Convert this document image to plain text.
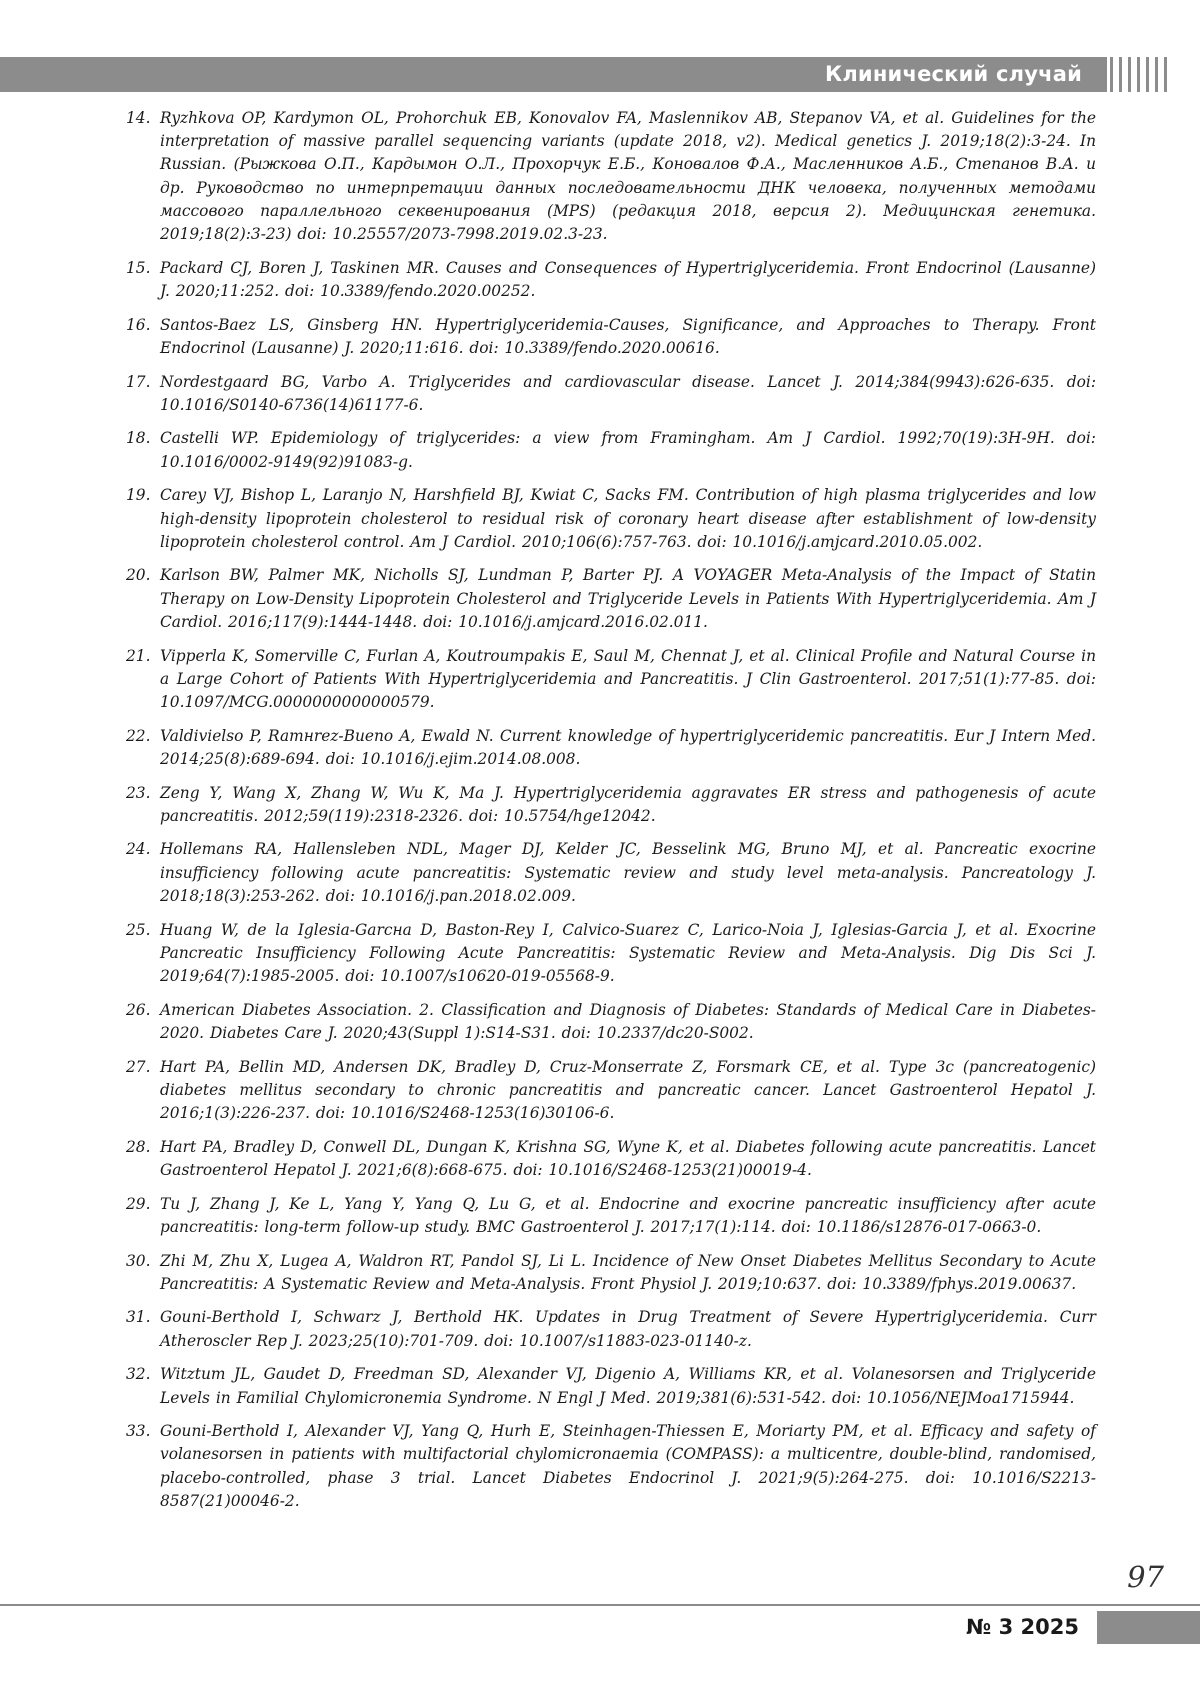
Клинический случай
14. Ryzhkova OP, Kardymon OL, Prohorchuk EB, Konovalov FA, Maslennikov AB, Stepanov VA, et al. Guidelines for the interpretation of massive parallel sequencing variants (update 2018, v2). Medical genetics J. 2019;18(2):3-24. In Russian. (Рыжкова О.П., Кардымон О.Л., Прохорчук Е.Б., Коновалов Ф.А., Масленников А.Б., Степанов В.А. и др. Руководство по интерпретации данных последовательности ДНК человека, полученных методами массового параллельного секвенирования (MPS) (редакция 2018, версия 2). Медицинская генетика. 2019;18(2):3-23) doi: 10.25557/2073-7998.2019.02.3-23.
15. Packard CJ, Boren J, Taskinen MR. Causes and Consequences of Hypertriglyceridemia. Front Endocrinol (Lausanne) J. 2020;11:252. doi: 10.3389/fendo.2020.00252.
16. Santos-Baez LS, Ginsberg HN. Hypertriglyceridemia-Causes, Significance, and Approaches to Therapy. Front Endocrinol (Lausanne) J. 2020;11:616. doi: 10.3389/fendo.2020.00616.
17. Nordestgaard BG, Varbo A. Triglycerides and cardiovascular disease. Lancet J. 2014;384(9943):626-635. doi: 10.1016/S0140-6736(14)61177-6.
18. Castelli WP. Epidemiology of triglycerides: a view from Framingham. Am J Cardiol. 1992;70(19):3H-9H. doi: 10.1016/0002-9149(92)91083-g.
19. Carey VJ, Bishop L, Laranjo N, Harshfield BJ, Kwiat C, Sacks FM. Contribution of high plasma triglycerides and low high-density lipoprotein cholesterol to residual risk of coronary heart disease after establishment of low-density lipoprotein cholesterol control. Am J Cardiol. 2010;106(6):757-763. doi: 10.1016/j.amjcard.2010.05.002.
20. Karlson BW, Palmer MK, Nicholls SJ, Lundman P, Barter PJ. A VOYAGER Meta-Analysis of the Impact of Statin Therapy on Low-Density Lipoprotein Cholesterol and Triglyceride Levels in Patients With Hypertriglyceridemia. Am J Cardiol. 2016;117(9):1444-1448. doi: 10.1016/j.amjcard.2016.02.011.
21. Vipperla K, Somerville C, Furlan A, Koutroumpakis E, Saul M, Chennat J, et al. Clinical Profile and Natural Course in a Large Cohort of Patients With Hypertriglyceridemia and Pancreatitis. J Clin Gastroenterol. 2017;51(1):77-85. doi: 10.1097/MCG.0000000000000579.
22. Valdivielso P, Ramнrez-Bueno A, Ewald N. Current knowledge of hypertriglyceridemic pancreatitis. Eur J Intern Med. 2014;25(8):689-694. doi: 10.1016/j.ejim.2014.08.008.
23. Zeng Y, Wang X, Zhang W, Wu K, Ma J. Hypertriglyceridemia aggravates ER stress and pathogenesis of acute pancreatitis. 2012;59(119):2318-2326. doi: 10.5754/hge12042.
24. Hollemans RA, Hallensleben NDL, Mager DJ, Kelder JC, Besselink MG, Bruno MJ, et al. Pancreatic exocrine insufficiency following acute pancreatitis: Systematic review and study level meta-analysis. Pancreatology J. 2018;18(3):253-262. doi: 10.1016/j.pan.2018.02.009.
25. Huang W, de la Iglesia-Garcнa D, Baston-Rey I, Calvico-Suarez C, Larico-Noia J, Iglesias-Garcia J, et al. Exocrine Pancreatic Insufficiency Following Acute Pancreatitis: Systematic Review and Meta-Analysis. Dig Dis Sci J. 2019;64(7):1985-2005. doi: 10.1007/s10620-019-05568-9.
26. American Diabetes Association. 2. Classification and Diagnosis of Diabetes: Standards of Medical Care in Diabetes-2020. Diabetes Care J. 2020;43(Suppl 1):S14-S31. doi: 10.2337/dc20-S002.
27. Hart PA, Bellin MD, Andersen DK, Bradley D, Cruz-Monserrate Z, Forsmark CE, et al. Type 3c (pancreatogenic) diabetes mellitus secondary to chronic pancreatitis and pancreatic cancer. Lancet Gastroenterol Hepatol J. 2016;1(3):226-237. doi: 10.1016/S2468-1253(16)30106-6.
28. Hart PA, Bradley D, Conwell DL, Dungan K, Krishna SG, Wyne K, et al. Diabetes following acute pancreatitis. Lancet Gastroenterol Hepatol J. 2021;6(8):668-675. doi: 10.1016/S2468-1253(21)00019-4.
29. Tu J, Zhang J, Ke L, Yang Y, Yang Q, Lu G, et al. Endocrine and exocrine pancreatic insufficiency after acute pancreatitis: long-term follow-up study. BMC Gastroenterol J. 2017;17(1):114. doi: 10.1186/s12876-017-0663-0.
30. Zhi M, Zhu X, Lugea A, Waldron RT, Pandol SJ, Li L. Incidence of New Onset Diabetes Mellitus Secondary to Acute Pancreatitis: A Systematic Review and Meta-Analysis. Front Physiol J. 2019;10:637. doi: 10.3389/fphys.2019.00637.
31. Gouni-Berthold I, Schwarz J, Berthold HK. Updates in Drug Treatment of Severe Hypertriglyceridemia. Curr Atheroscler Rep J. 2023;25(10):701-709. doi: 10.1007/s11883-023-01140-z.
32. Witztum JL, Gaudet D, Freedman SD, Alexander VJ, Digenio A, Williams KR, et al. Volanesorsen and Triglyceride Levels in Familial Chylomicronemia Syndrome. N Engl J Med. 2019;381(6):531-542. doi: 10.1056/NEJMoa1715944.
33. Gouni-Berthold I, Alexander VJ, Yang Q, Hurh E, Steinhagen-Thiessen E, Moriarty PM, et al. Efficacy and safety of volanesorsen in patients with multifactorial chylomicronaemia (COMPASS): a multicentre, double-blind, randomised, placebo-controlled, phase 3 trial. Lancet Diabetes Endocrinol J. 2021;9(5):264-275. doi: 10.1016/S2213-8587(21)00046-2.
97
№ 3 2025
